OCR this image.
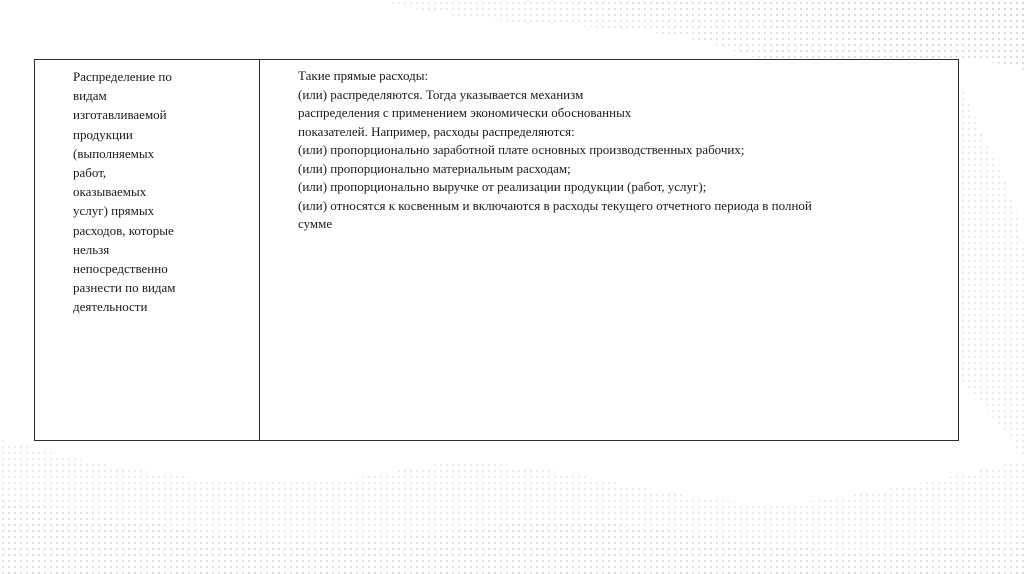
Распределение по
видам
изготавливаемой
продукции
(выполняемых
работ,
оказываемых
услуг) прямых
расходов, которые
нельзя
непосредственно
разнести по видам
деятельности

Такие прямые расходы:

(или) распределяются. Тогда указывается механизм

распределения с применением экономически обоснованных

показателей. Например, расходы распределяются:

(или) пропорционально заработной плате основных производственных рабочих;

(или) пропорционально материальным расходам;

(или) пропорционально выручке от реализации продукции (работ, услуг);

(или) относятся к косвенным и включаются в расходы текущего отчетного периода в полной

сумме
